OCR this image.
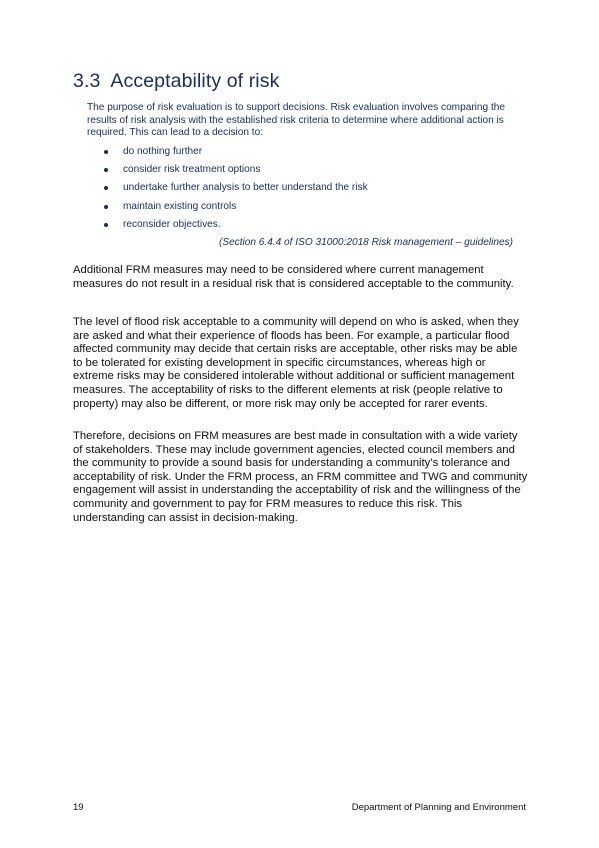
3.3 Acceptability of risk

The purpose of risk evaluation is to support decisions. Risk evaluation involves comparing the results of risk analysis with the established risk criteria to determine where additional action is required. This can lead to a decision to:

do nothing further
consider risk treatment options
undertake further analysis to better understand the risk
maintain existing controls
reconsider objectives.
(Section 6.4.4 of ISO 31000:2018 Risk management – guidelines)

Additional FRM measures may need to be considered where current management measures do not result in a residual risk that is considered acceptable to the community.

The level of flood risk acceptable to a community will depend on who is asked, when they are asked and what their experience of floods has been. For example, a particular flood affected community may decide that certain risks are acceptable, other risks may be able to be tolerated for existing development in specific circumstances, whereas high or extreme risks may be considered intolerable without additional or sufficient management measures. The acceptability of risks to the different elements at risk (people relative to property) may also be different, or more risk may only be accepted for rarer events.

Therefore, decisions on FRM measures are best made in consultation with a wide variety of stakeholders. These may include government agencies, elected council members and the community to provide a sound basis for understanding a community’s tolerance and acceptability of risk. Under the FRM process, an FRM committee and TWG and community engagement will assist in understanding the acceptability of risk and the willingness of the community and government to pay for FRM measures to reduce this risk. This understanding can assist in decision-making.

19	Department of Planning and Environment
